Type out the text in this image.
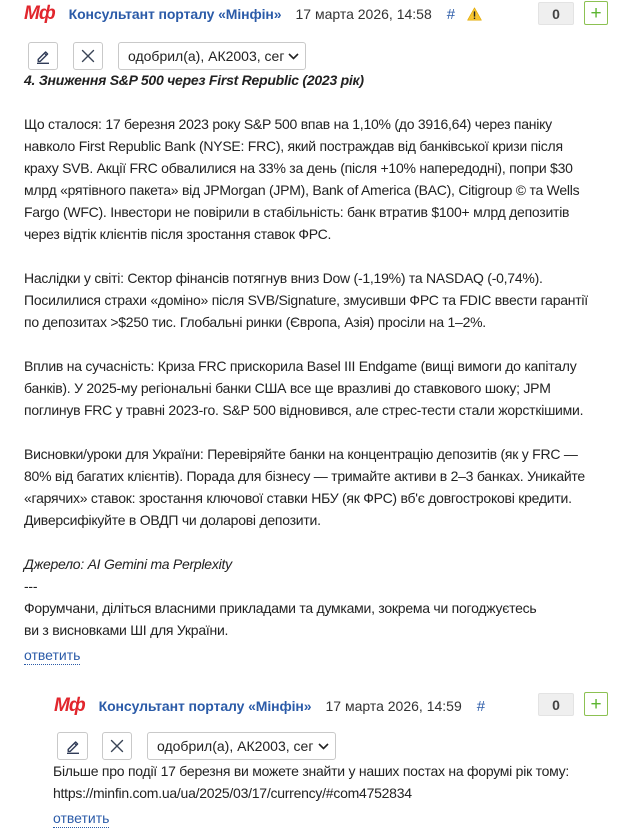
Мф Консультант порталу «Мінфін» 17 марта 2026, 14:58 #	0	+
одобрил(а), АК2003, сег
4. Зниження S&P 500 через First Republic (2023 рік)
Що сталося: 17 березня 2023 року S&P 500 впав на 1,10% (до 3916,64) через паніку
навколо First Republic Bank (NYSE: FRC), який постраждав від банківської кризи після
краху SVB. Акції FRC обвалилися на 33% за день (після +10% напередодні), попри $30
млрд «рятівного пакета» від JPMorgan (JPM), Bank of America (BAC), Citigroup © та Wells
Fargo (WFC). Інвестори не повірили в стабільність: банк втратив $100+ млрд депозитів
через відтік клієнтів після зростання ставок ФРС.
Наслідки у світі: Сектор фінансів потягнув вниз Dow (-1,19%) та NASDAQ (-0,74%).
Посилилися страхи «доміно» після SVB/Signature, змусивши ФРС та FDIC ввести гарантії
по депозитах >$250 тис. Глобальні ринки (Європа, Азія) просіли на 1–2%.
Вплив на сучасність: Криза FRC прискорила Basel III Endgame (вищі вимоги до капіталу
банків). У 2025-му регіональні банки США все ще вразливі до ставкового шоку; JPM
поглинув FRC у травні 2023-го. S&P 500 відновився, але стрес-тести стали жорсткішими.
Висновки/уроки для України: Перевіряйте банки на концентрацію депозитів (як у FRC —
80% від багатих клієнтів). Порада для бізнесу — тримайте активи в 2–3 банках. Уникайте
«гарячих» ставок: зростання ключової ставки НБУ (як ФРС) вб'є довгострокові кредити.
Диверсифікуйте в ОВДП чи доларові депозити.
Джерело: AI Gemini та Perplexity
---
Форумчани, діліться власними прикладами та думками, зокрема чи погоджуєтесь
ви з висновками ШІ для України.
ответить
Мф Консультант порталу «Мінфін» 17 марта 2026, 14:59 #	0	+
одобрил(а), АК2003, сег
Більше про події 17 березня ви можете знайти у наших постах на форумі рік тому:
https://minfin.com.ua/ua/2025/03/17/currency/#com4752834
ответить
